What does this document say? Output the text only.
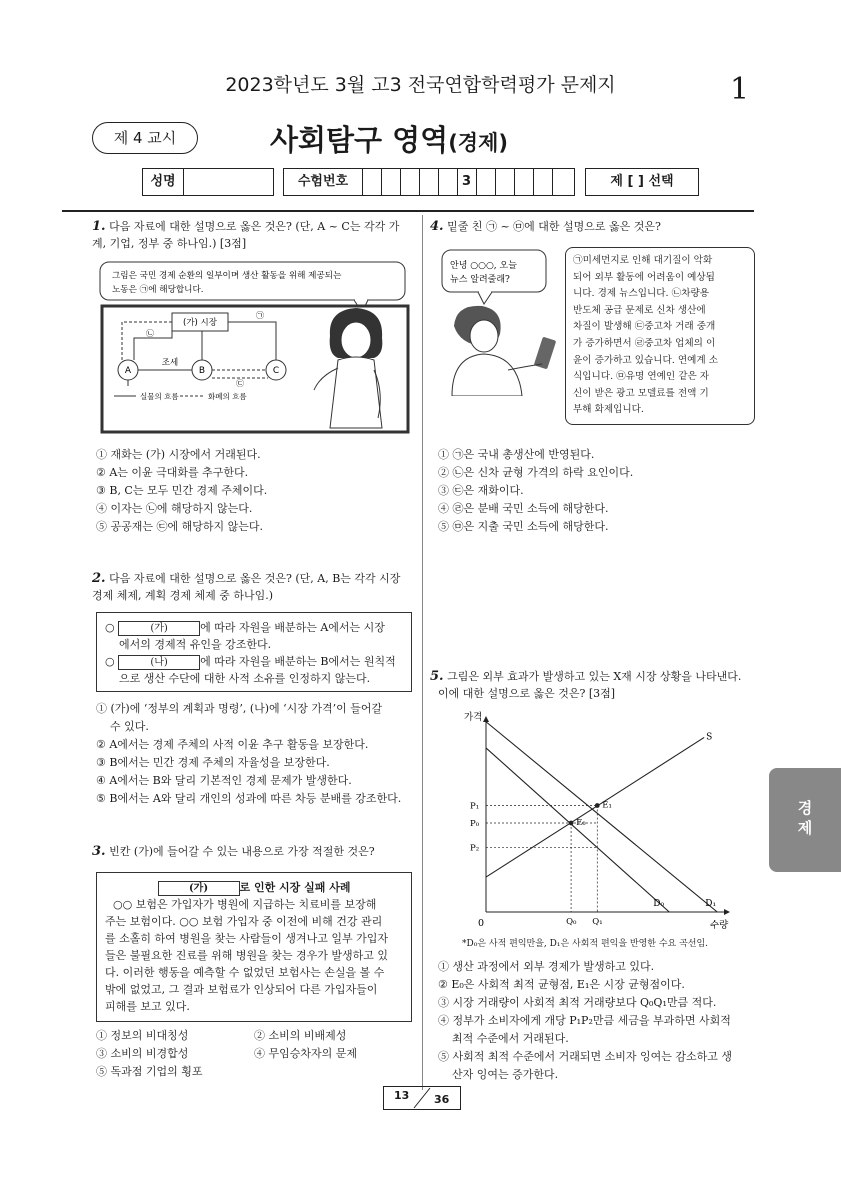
2023학년도 3월 고3 전국연합학력평가 문제지	1
제 4 교시	사회탐구 영역(경제)
성명	수험번호	3	제 [ ] 선택
1. 다음 자료에 대한 설명으로 옳은 것은? (단, A ~ C는 각각 가
계, 기업, 정부 중 하나임.) [3점]
(가) 시장
조세
A	B	C
㉠
㉡
㉢
실물의 흐름	화폐의 흐름
그림은 국민 경제 순환의 일부이며 생산 활동을 위해 제공되는
노동은 ㉠에 해당합니다.
① 재화는 (가) 시장에서 거래된다.
② A는 이윤 극대화를 추구한다.
③ B, C는 모두 민간 경제 주체이다.
④ 이자는 ㉡에 해당하지 않는다.
⑤ 공공재는 ㉢에 해당하지 않는다.
2. 다음 자료에 대한 설명으로 옳은 것은? (단, A, B는 각각 시장
경제 체제, 계획 경제 체제 중 하나임.)
○	(가)	에 따라 자원을 배분하는 A에서는 시장
에서의 경제적 유인을 강조한다.
○	(나)	에 따라 자원을 배분하는 B에서는 원칙적
으로 생산 수단에 대한 사적 소유를 인정하지 않는다.
① (가)에 ‘정부의 계획과 명령’, (나)에 ‘시장 가격’이 들어갈
수 있다.
② A에서는 경제 주체의 사적 이윤 추구 활동을 보장한다.
③ B에서는 민간 경제 주체의 자율성을 보장한다.
④ A에서는 B와 달리 기본적인 경제 문제가 발생한다.
⑤ B에서는 A와 달리 개인의 성과에 따른 차등 분배를 강조한다.
3. 빈칸 (가)에 들어갈 수 있는 내용으로 가장 적절한 것은?
(가)	로 인한 시장 실패 사례
○○ 보험은 가입자가 병원에 지급하는 치료비를 보장해
주는 보험이다. ○○ 보험 가입자 중 이전에 비해 건강 관리
를 소홀히 하여 병원을 찾는 사람들이 생겨나고 일부 가입자
들은 불필요한 진료를 위해 병원을 찾는 경우가 발생하고 있
다. 이러한 행동을 예측할 수 없었던 보험사는 손실을 볼 수
밖에 없었고, 그 결과 보험료가 인상되어 다른 가입자들이
피해를 보고 있다.
① 정보의 비대칭성	② 소비의 비배제성
③ 소비의 비경합성	④ 무임승차자의 문제
⑤ 독과점 기업의 횡포
4. 밑줄 친 ㉠ ~ ㉤에 대한 설명으로 옳은 것은?
안녕 ○○○, 오늘
뉴스 알려줄래?
㉠미세먼지로 인해 대기질이 악화
되어 외부 활동에 어려움이 예상됩
니다. 경제 뉴스입니다. ㉡차량용
반도체 공급 문제로 신차 생산에
차질이 발생해 ㉢중고차 거래 중개
가 증가하면서 ㉣중고차 업체의 이
윤이 증가하고 있습니다. 연예계 소
식입니다. ㉤유명 연예인 같은 자
신이 받은 광고 모델료를 전액 기
부해 화제입니다.
① ㉠은 국내 총생산에 반영된다.
② ㉡은 신차 균형 가격의 하락 요인이다.
③ ㉢은 재화이다.
④ ㉣은 분배 국민 소득에 해당한다.
⑤ ㉤은 지출 국민 소득에 해당한다.
5. 그림은 외부 효과가 발생하고 있는 X재 시장 상황을 나타낸다.
이에 대한 설명으로 옳은 것은? [3점]
S
D₀	D₁
P₁
P₀
P₂
Q₀
E₀
Q₁
E₁
가격
수량
0
*D₀은 사적 편익만을, D₁은 사회적 편익을 반영한 수요 곡선임.
① 생산 과정에서 외부 경제가 발생하고 있다.
② E₀은 사회적 최적 균형점, E₁은 시장 균형점이다.
③ 시장 거래량이 사회적 최적 거래량보다 Q₀Q₁만큼 적다.
④ 정부가 소비자에게 개당 P₁P₂만큼 세금을 부과하면 사회적
최적 수준에서 거래된다.
⑤ 사회적 최적 수준에서 거래되면 소비자 잉여는 감소하고 생
산자 잉여는 증가한다.
경제
13 36
